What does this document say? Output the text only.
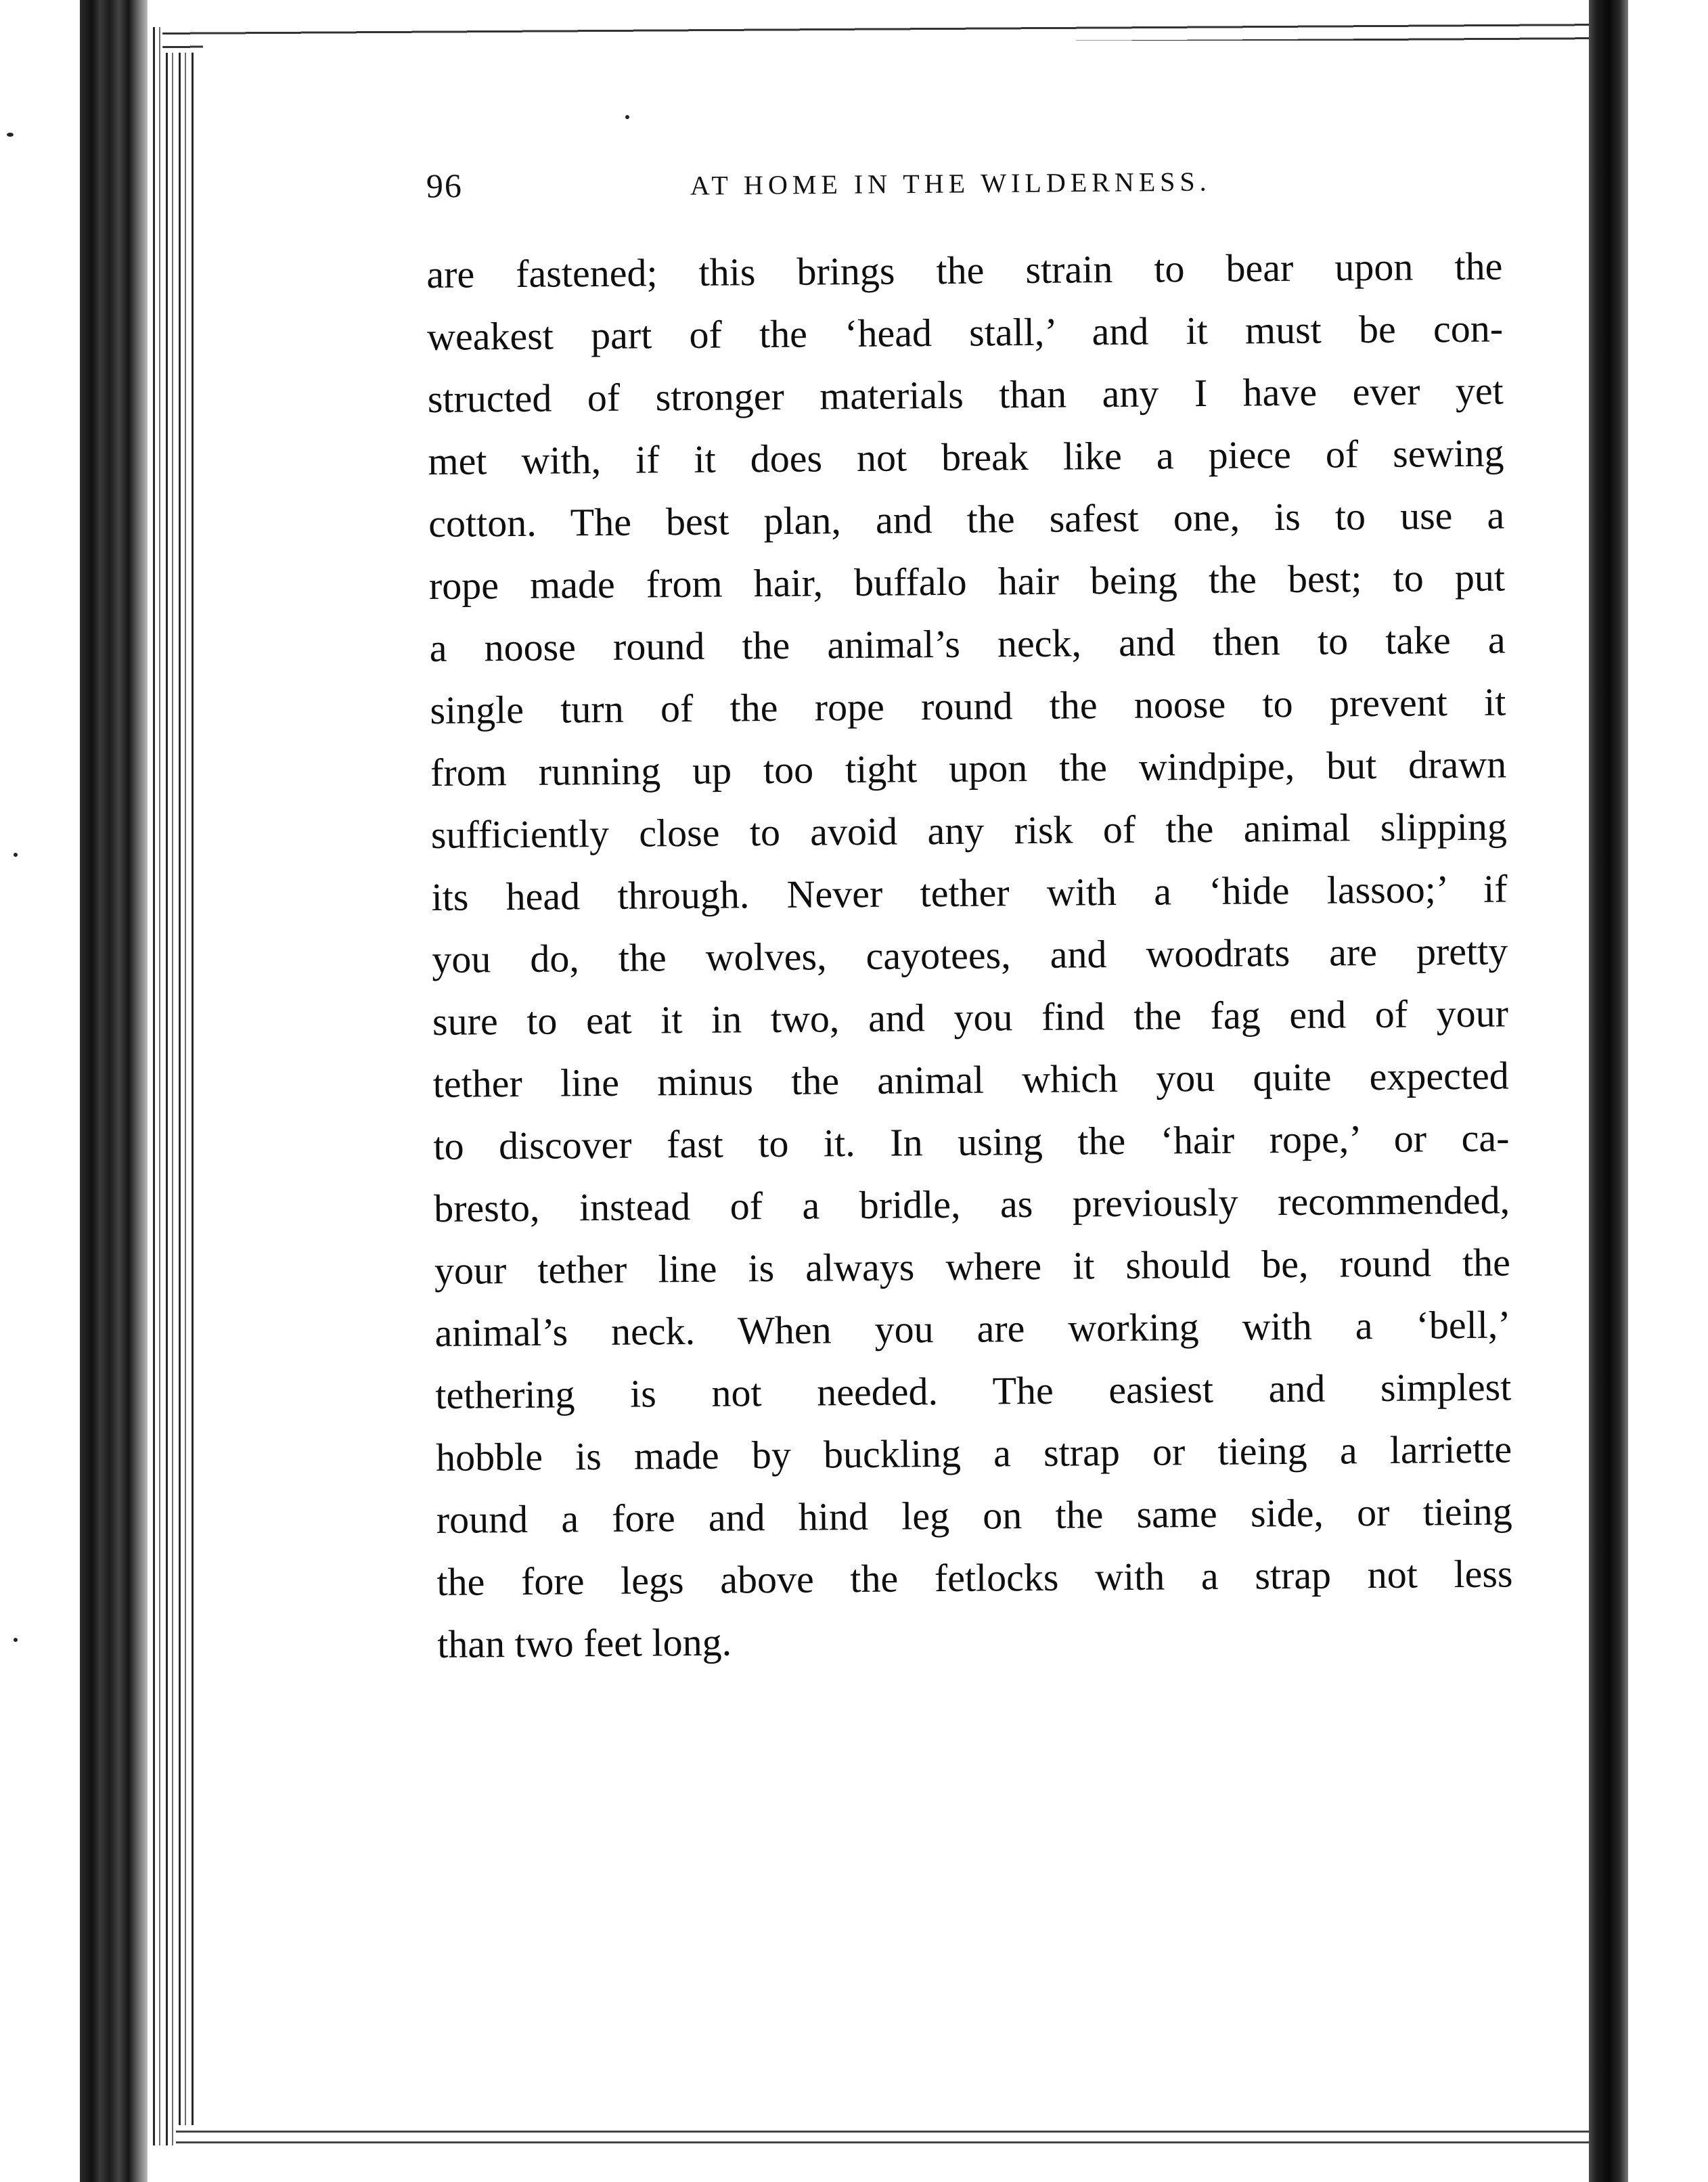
96	AT HOME IN THE WILDERNESS.
are fastened; this brings the strain to bear upon the
weakest part of the ‘head stall,’ and it must be con-
structed of stronger materials than any I have ever yet
met with, if it does not break like a piece of sewing
cotton. The best plan, and the safest one, is to use a
rope made from hair, buffalo hair being the best; to put
a noose round the animal’s neck, and then to take a
single turn of the rope round the noose to prevent it
from running up too tight upon the windpipe, but drawn
sufficiently close to avoid any risk of the animal slipping
its head through. Never tether with a ‘hide lassoo;’ if
you do, the wolves, cayotees, and woodrats are pretty
sure to eat it in two, and you find the fag end of your
tether line minus the animal which you quite expected
to discover fast to it. In using the ‘hair rope,’ or ca-
bresto, instead of a bridle, as previously recommended,
your tether line is always where it should be, round the
animal’s neck. When you are working with a ‘bell,’
tethering is not needed. The easiest and simplest
hobble is made by buckling a strap or tieing a larriette
round a fore and hind leg on the same side, or tieing
the fore legs above the fetlocks with a strap not less
than two feet long.
